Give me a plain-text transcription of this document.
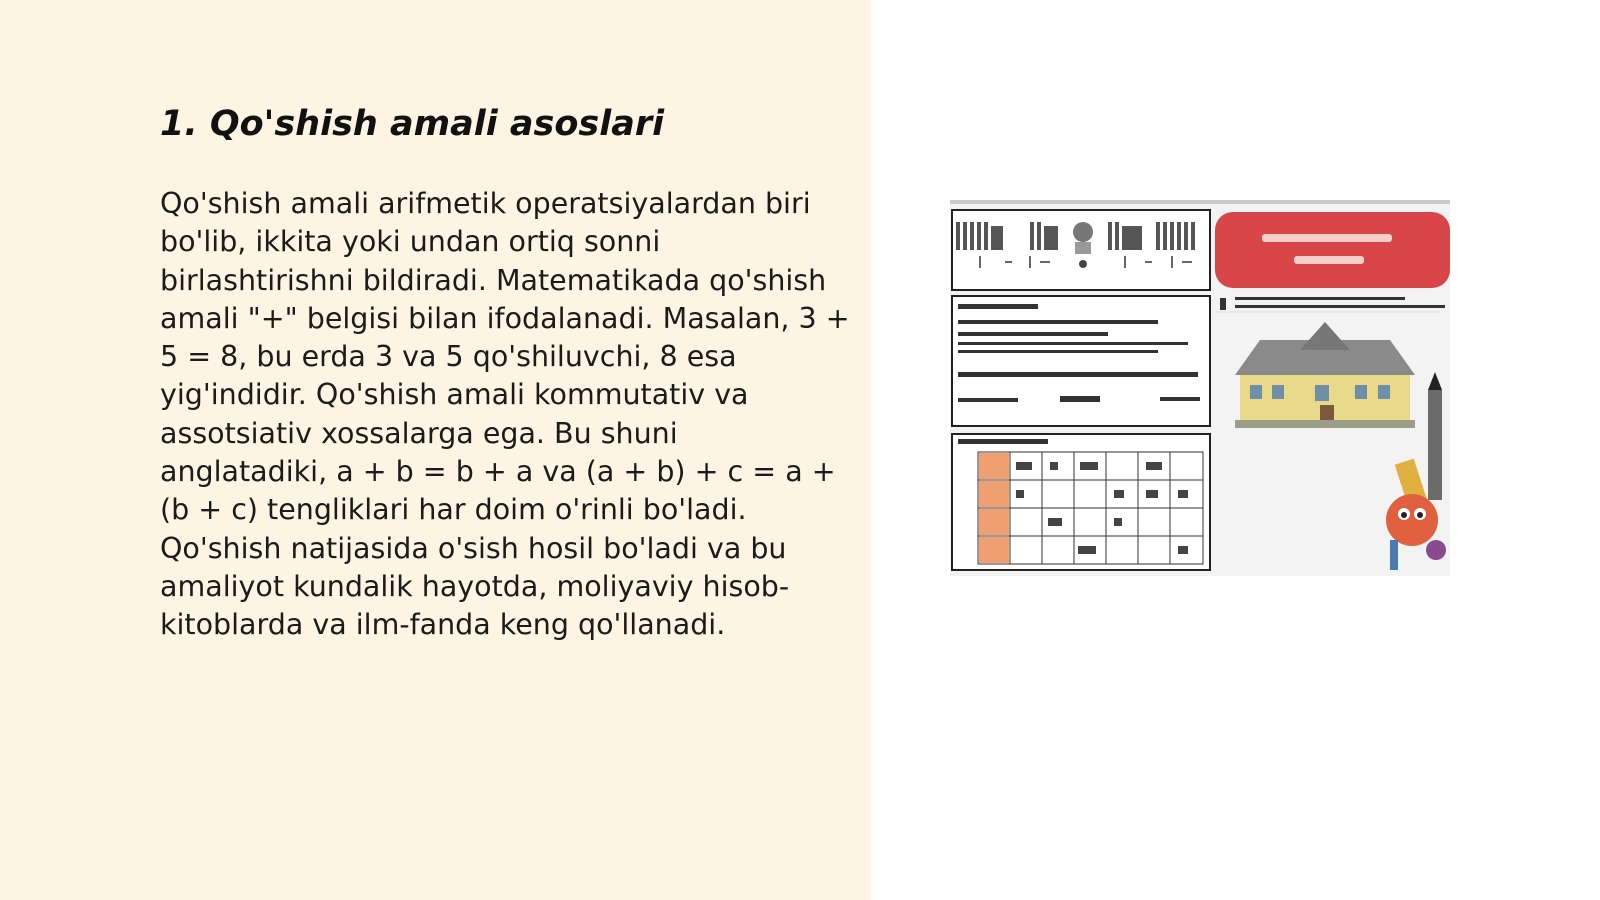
1. Qo'shish amali asoslari

Qo'shish amali arifmetik operatsiyalardan biri bo'lib, ikkita yoki undan ortiq sonni birlashtirishni bildiradi. Matematikada qo'shish amali "+" belgisi bilan ifodalanadi. Masalan, 3 + 5 = 8, bu erda 3 va 5 qo'shiluvchi, 8 esa yig'indidir. Qo'shish amali kommutativ va assotsiativ xossalarga ega. Bu shuni anglatadiki, a + b = b + a va (a + b) + c = a + (b + c) tengliklari har doim o'rinli bo'ladi. Qo'shish natijasida o'sish hosil bo'ladi va bu amaliyot kundalik hayotda, moliyaviy hisob-kitoblarda va ilm-fanda keng qo'llanadi.
